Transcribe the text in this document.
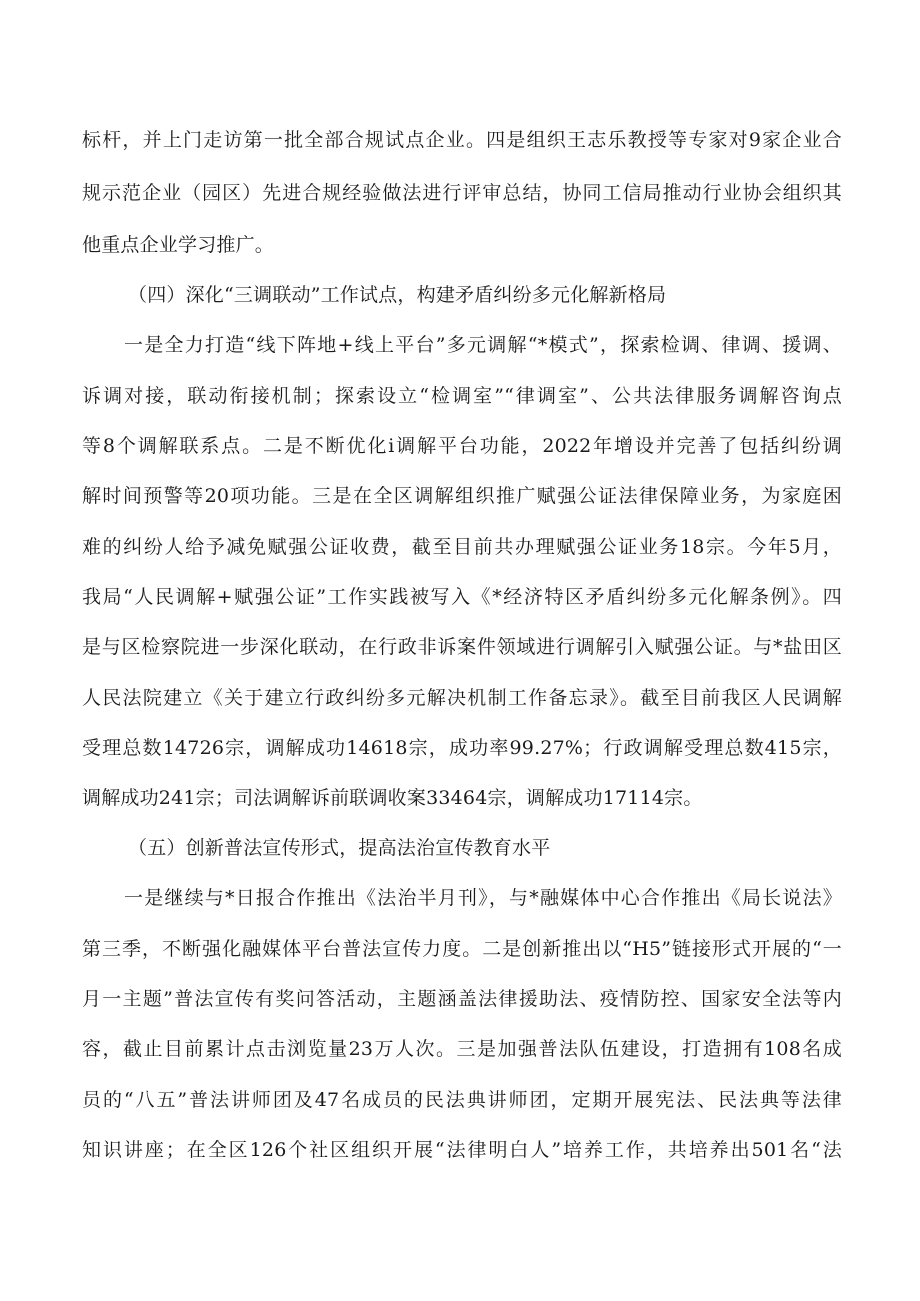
标杆，并上门走访第一批全部合规试点企业。四是组织王志乐教授等专家对9家企业合
规示范企业（园区）先进合规经验做法进行评审总结，协同工信局推动行业协会组织其
他重点企业学习推广。
（四）深化“三调联动”工作试点，构建矛盾纠纷多元化解新格局
一是全力打造“线下阵地+线上平台”多元调解“*模式”，探索检调、律调、援调、
诉调对接，联动衔接机制；探索设立“检调室”“律调室”、公共法律服务调解咨询点
等8个调解联系点。二是不断优化i调解平台功能，2022年增设并完善了包括纠纷调
解时间预警等20项功能。三是在全区调解组织推广赋强公证法律保障业务，为家庭困
难的纠纷人给予减免赋强公证收费，截至目前共办理赋强公证业务18宗。今年5月，
我局“人民调解+赋强公证”工作实践被写入《*经济特区矛盾纠纷多元化解条例》。四
是与区检察院进一步深化联动，在行政非诉案件领域进行调解引入赋强公证。与*盐田区
人民法院建立《关于建立行政纠纷多元解决机制工作备忘录》。截至目前我区人民调解
受理总数14726宗，调解成功14618宗，成功率99.27%；行政调解受理总数415宗，
调解成功241宗；司法调解诉前联调收案33464宗，调解成功17114宗。
（五）创新普法宣传形式，提高法治宣传教育水平
一是继续与*日报合作推出《法治半月刊》，与*融媒体中心合作推出《局长说法》
第三季，不断强化融媒体平台普法宣传力度。二是创新推出以“H5”链接形式开展的“一
月一主题”普法宣传有奖问答活动，主题涵盖法律援助法、疫情防控、国家安全法等内
容，截止目前累计点击浏览量23万人次。三是加强普法队伍建设，打造拥有108名成
员的“八五”普法讲师团及47名成员的民法典讲师团，定期开展宪法、民法典等法律
知识讲座；在全区126个社区组织开展“法律明白人”培养工作，共培养出501名“法
